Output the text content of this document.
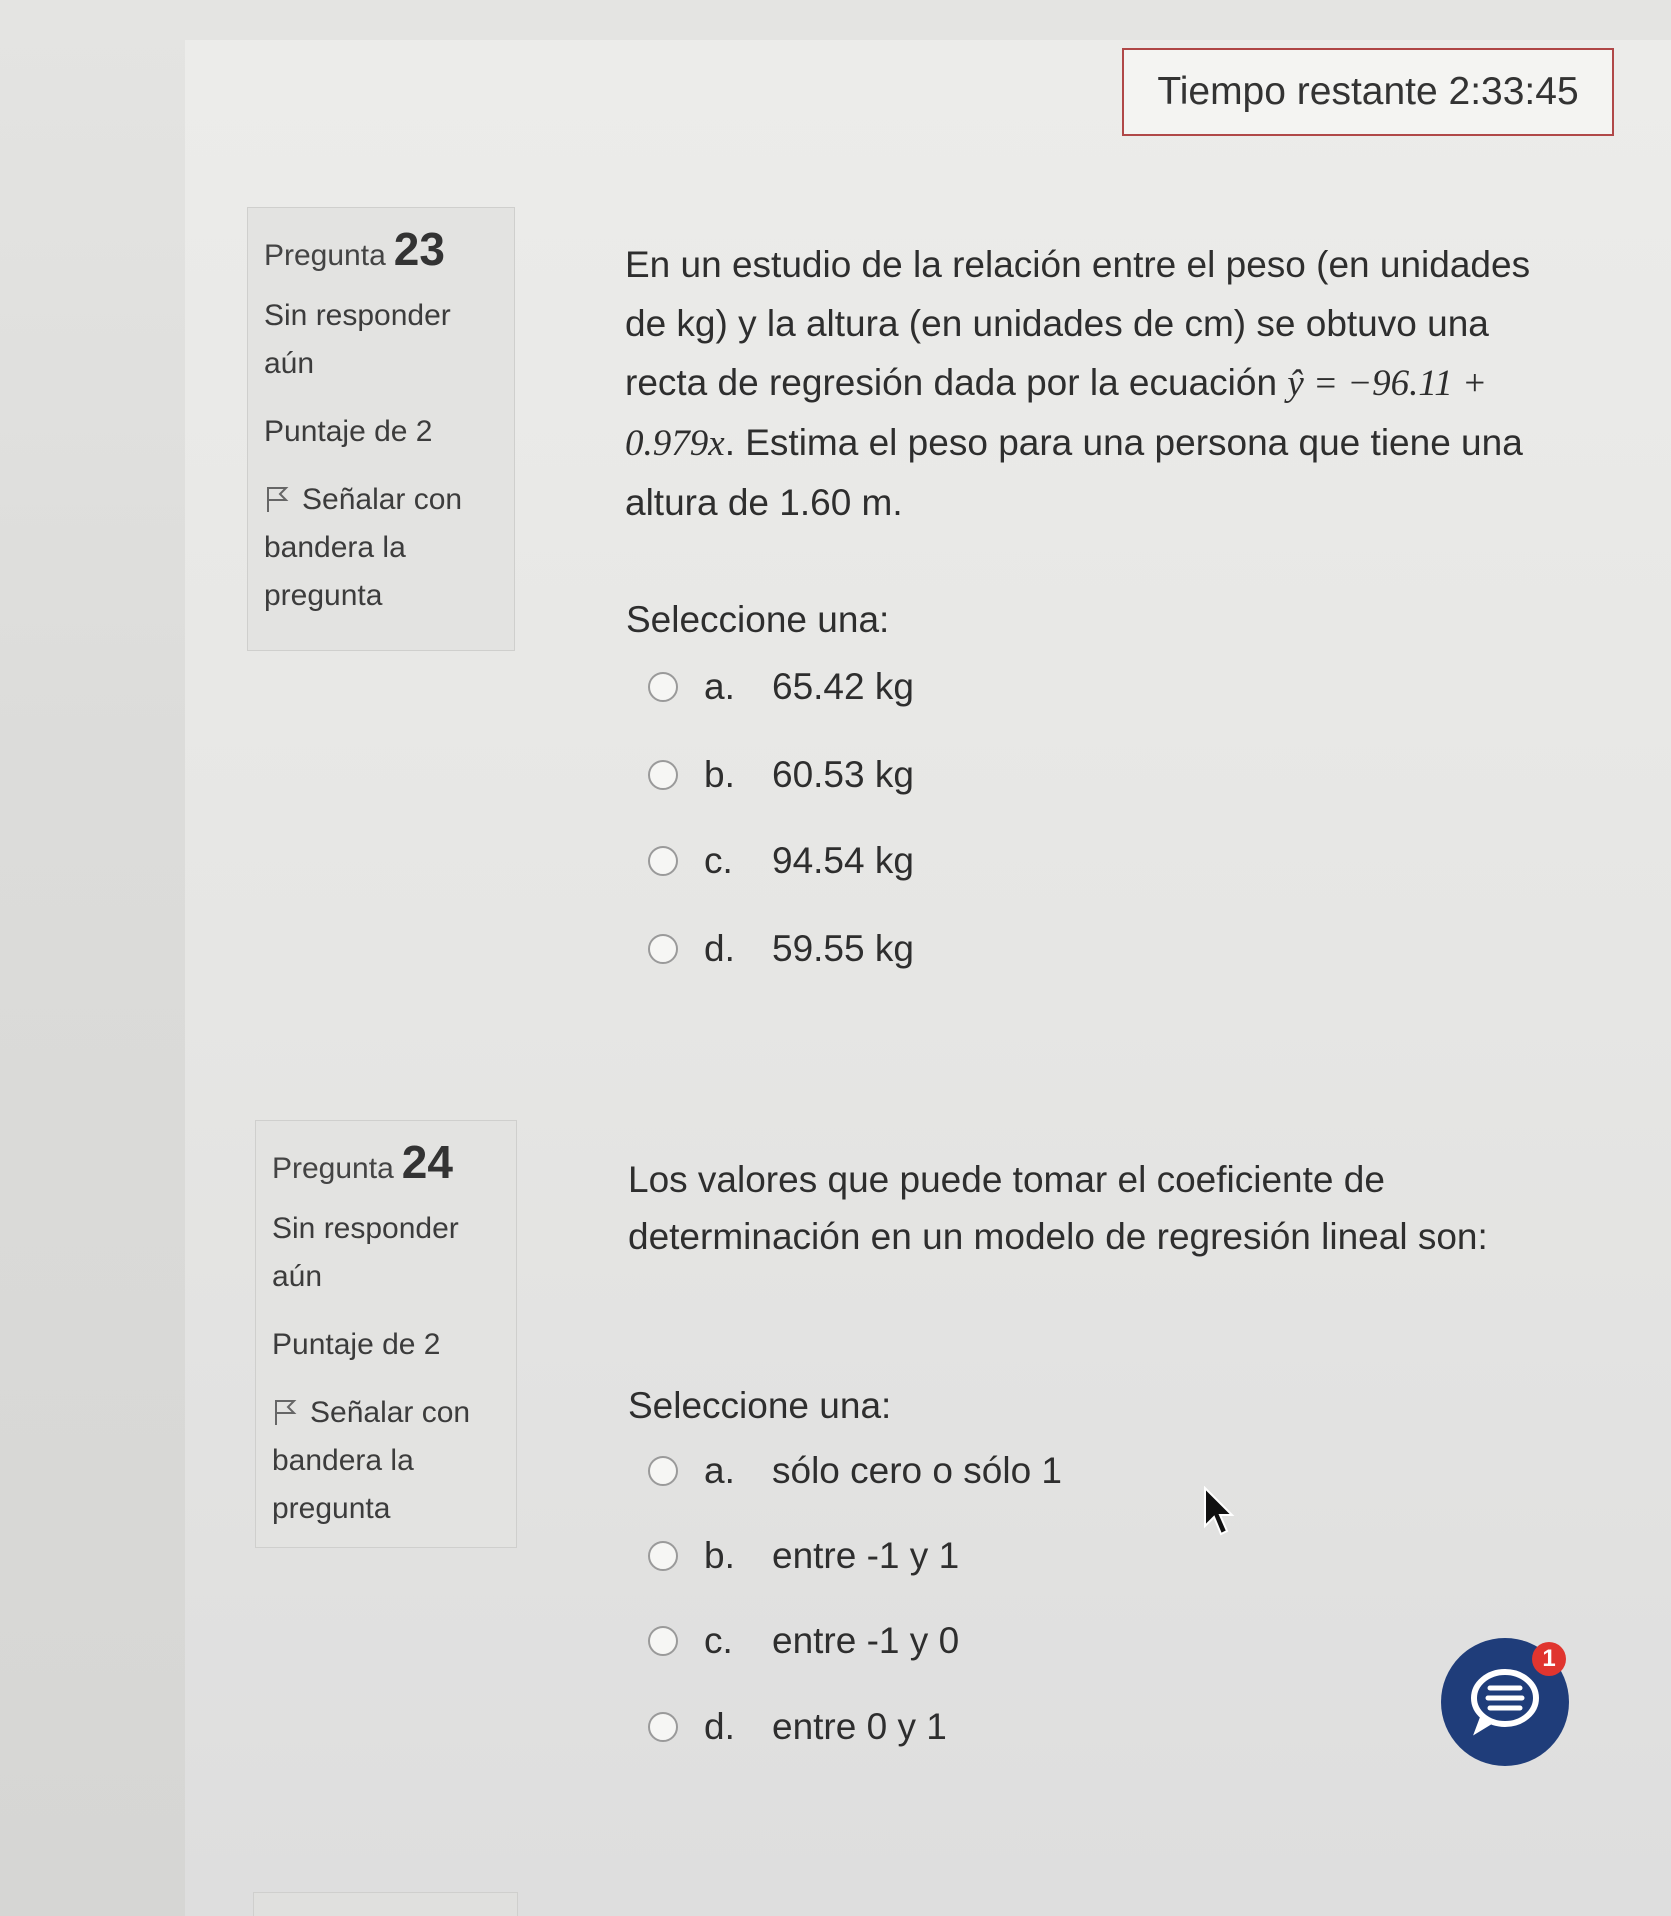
Tiempo restante 2:33:45
Pregunta 23
Sin responder aún
Puntaje de 2
Señalar con bandera la pregunta
En un estudio de la relación entre el peso (en unidades de kg) y la altura (en unidades de cm) se obtuvo una recta de regresión dada por la ecuación ŷ = −96.11 + 0.979x. Estima el peso para una persona que tiene una altura de 1.60 m.
Seleccione una:
a.	65.42 kg
b.	60.53 kg
c.	94.54 kg
d.	59.55 kg
Pregunta 24
Sin responder aún
Puntaje de 2
Señalar con bandera la pregunta
Los valores que puede tomar el coeficiente de determinación en un modelo de regresión lineal son:
Seleccione una:
a.	sólo cero o sólo 1
b.	entre -1 y 1
c.	entre -1 y 0
d.	entre 0 y 1
1
